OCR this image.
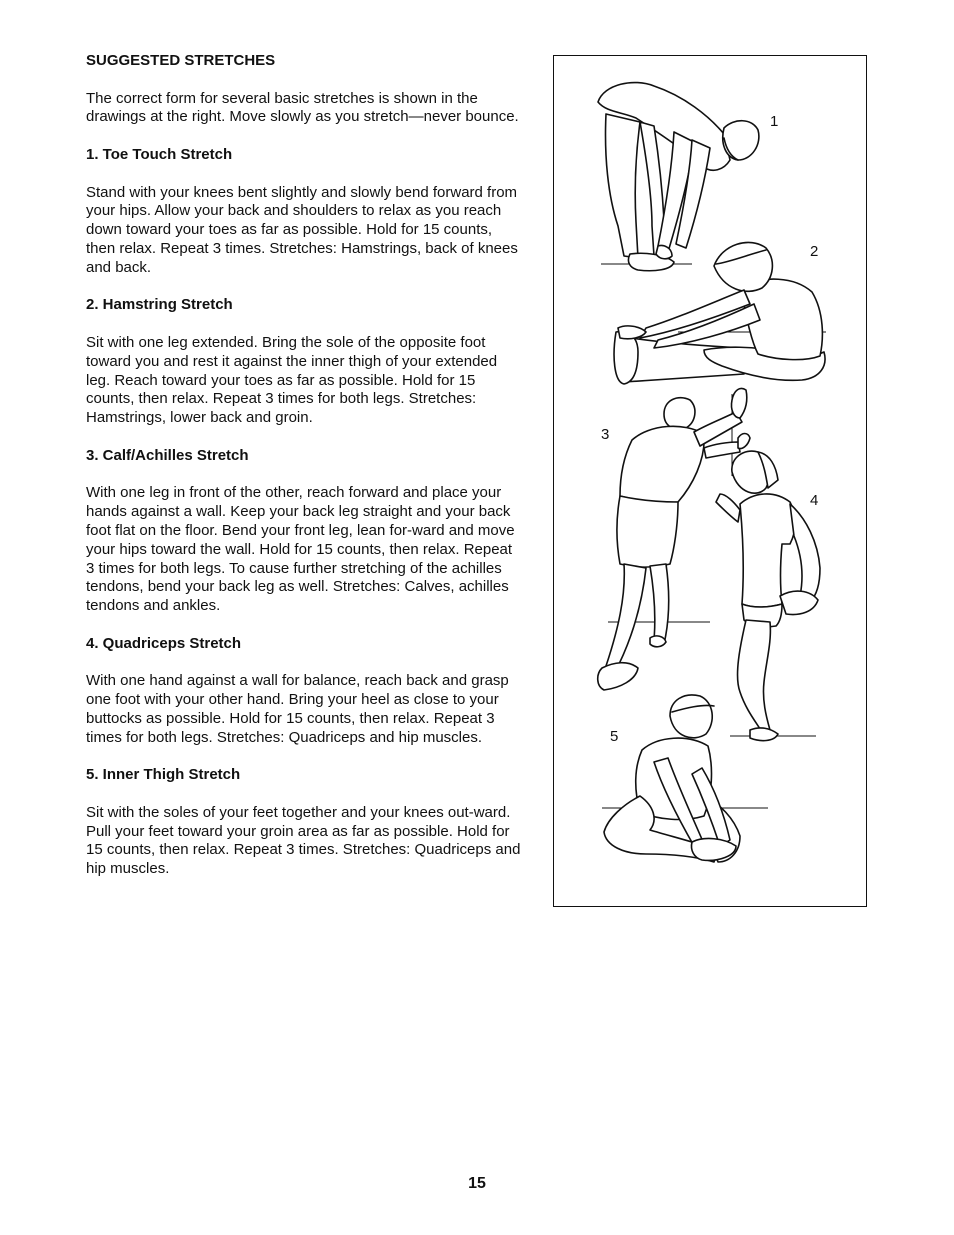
SUGGESTED STRETCHES
The correct form for several basic stretches is shown in the drawings at the right. Move slowly as you stretch—never bounce.
1. Toe Touch Stretch
Stand with your knees bent slightly and slowly bend forward from your hips. Allow your back and shoulders to relax as you reach down toward your toes as far as possible. Hold for 15 counts, then relax. Repeat 3 times. Stretches: Hamstrings, back of knees and back.
2. Hamstring Stretch
Sit with one leg extended. Bring the sole of the opposite foot toward you and rest it against the inner thigh of your extended leg. Reach toward your toes as far as possible. Hold for 15 counts, then relax. Repeat 3 times for both legs. Stretches: Hamstrings, lower back and groin.
3. Calf/Achilles Stretch
With one leg in front of the other, reach forward and place your hands against a wall. Keep your back leg straight and your back foot flat on the floor. Bend your front leg, lean for-ward and move your hips toward the wall. Hold for 15 counts, then relax. Repeat 3 times for both legs. To cause further stretching of the achilles tendons, bend your back leg as well. Stretches: Calves, achilles tendons and ankles.
4. Quadriceps Stretch
With one hand against a wall for balance, reach back and grasp one foot with your other hand. Bring your heel as close to your buttocks as possible. Hold for 15 counts, then relax. Repeat 3 times for both legs. Stretches: Quadriceps and hip muscles.
5. Inner Thigh Stretch
Sit with the soles of your feet together and your knees out-ward. Pull your feet toward your groin area as far as possible. Hold for 15 counts, then relax. Repeat 3 times. Stretches: Quadriceps and hip muscles.
1
2
3
4
5
15
